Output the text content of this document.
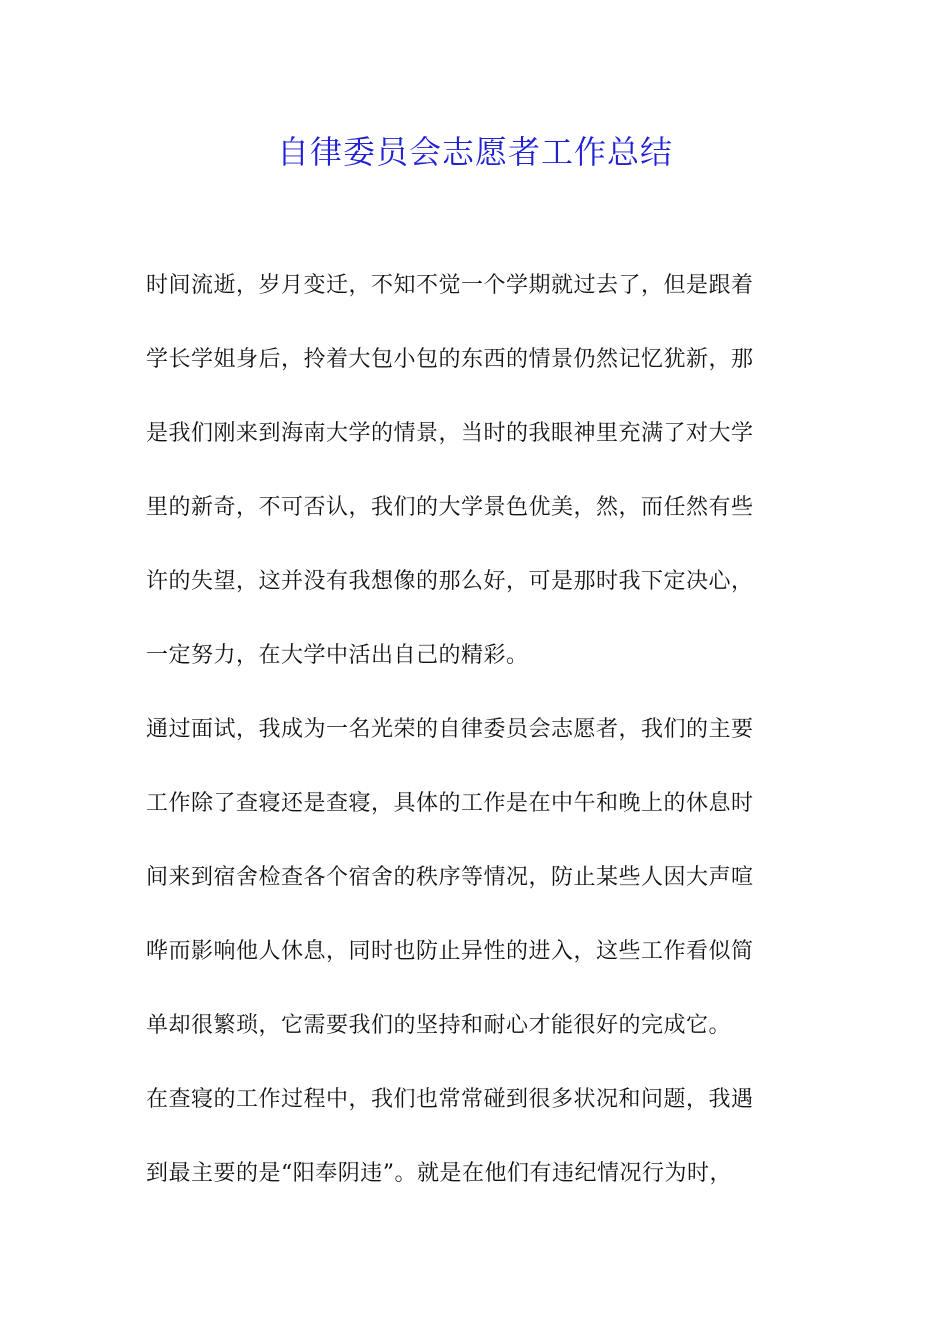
自律委员会志愿者工作总结
时间流逝，岁月变迁，不知不觉一个学期就过去了，但是跟着
学长学姐身后，拎着大包小包的东西的情景仍然记忆犹新，那
是我们刚来到海南大学的情景，当时的我眼神里充满了对大学
里的新奇，不可否认，我们的大学景色优美，然，而任然有些
许的失望，这并没有我想像的那么好，可是那时我下定决心，
一定努力，在大学中活出自己的精彩。
通过面试，我成为一名光荣的自律委员会志愿者，我们的主要
工作除了查寝还是查寝，具体的工作是在中午和晚上的休息时
间来到宿舍检查各个宿舍的秩序等情况，防止某些人因大声喧
哗而影响他人休息，同时也防止异性的进入，这些工作看似简
单却很繁琐，它需要我们的坚持和耐心才能很好的完成它。
在查寝的工作过程中，我们也常常碰到很多状况和问题，我遇
到最主要的是“阳奉阴违”。就是在他们有违纪情况行为时，
